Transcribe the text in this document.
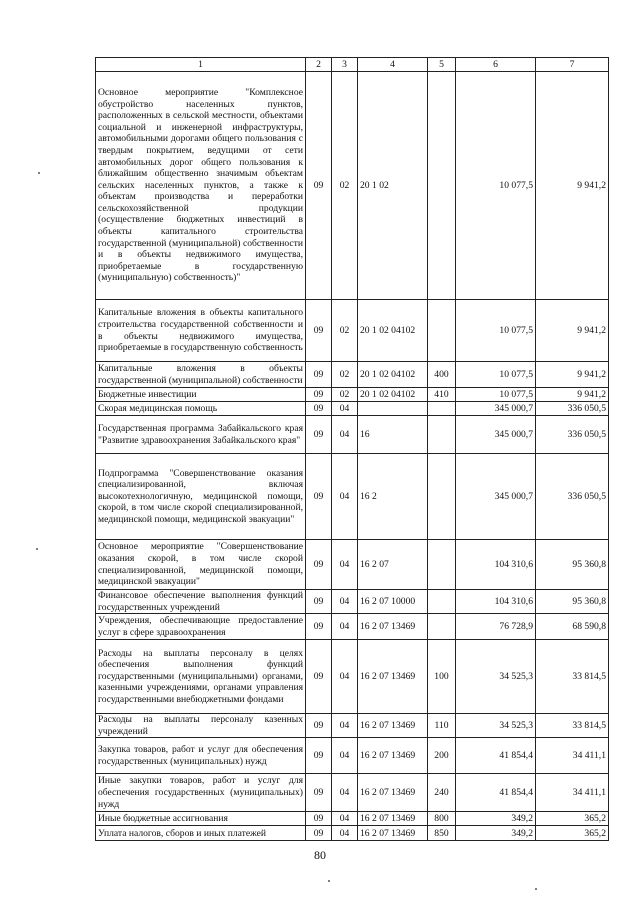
1	2	3	4	5	6	7
Основное мероприятие "Комплексное обустройство населенных пунктов, расположенных в сельской местности, объектами социальной и инженерной инфраструктуры, автомобильными дорогами общего пользования с твердым покрытием, ведущими от сети автомобильных дорог общего пользования к ближайшим общественно значимым объектам сельских населенных пунктов, а также к объектам производства и переработки сельскохозяйственной продукции (осуществление бюджетных инвестиций в объекты капитального строительства государственной (муниципальной) собственности и в объекты недвижимого имущества, приобретаемые в государственную (муниципальную) собственность)"	09	02	20 1 02		10 077,5	9 941,2
Капитальные вложения в объекты капитального строительства государственной собственности и в объекты недвижимого имущества, приобретаемые в государственную собственность	09	02	20 1 02 04102		10 077,5	9 941,2
Капитальные вложения в объекты государственной (муниципальной) собственности	09	02	20 1 02 04102	400	10 077,5	9 941,2
Бюджетные инвестиции	09	02	20 1 02 04102	410	10 077,5	9 941,2
Скорая медицинская помощь	09	04			345 000,7	336 050,5
Государственная программа Забайкальского края "Развитие здравоохранения Забайкальского края"	09	04	16		345 000,7	336 050,5
Подпрограмма "Совершенствование оказания специализированной, включая высокотехнологичную, медицинской помощи, скорой, в том числе скорой специализированной, медицинской помощи, медицинской эвакуации"	09	04	16 2		345 000,7	336 050,5
Основное мероприятие "Совершенствование оказания скорой, в том числе скорой специализированной, медицинской помощи, медицинской эвакуации"	09	04	16 2 07		104 310,6	95 360,8
Финансовое обеспечение выполнения функций государственных учреждений	09	04	16 2 07 10000		104 310,6	95 360,8
Учреждения, обеспечивающие предоставление услуг в сфере здравоохранения	09	04	16 2 07 13469		76 728,9	68 590,8
Расходы на выплаты персоналу в целях обеспечения выполнения функций государственными (муниципальными) органами, казенными учреждениями, органами управления государственными внебюджетными фондами	09	04	16 2 07 13469	100	34 525,3	33 814,5
Расходы на выплаты персоналу казенных учреждений	09	04	16 2 07 13469	110	34 525,3	33 814,5
Закупка товаров, работ и услуг для обеспечения государственных (муниципальных) нужд	09	04	16 2 07 13469	200	41 854,4	34 411,1
Иные закупки товаров, работ и услуг для обеспечения государственных (муниципальных) нужд	09	04	16 2 07 13469	240	41 854,4	34 411,1
Иные бюджетные ассигнования	09	04	16 2 07 13469	800	349,2	365,2
Уплата налогов, сборов и иных платежей	09	04	16 2 07 13469	850	349,2	365,2
80
